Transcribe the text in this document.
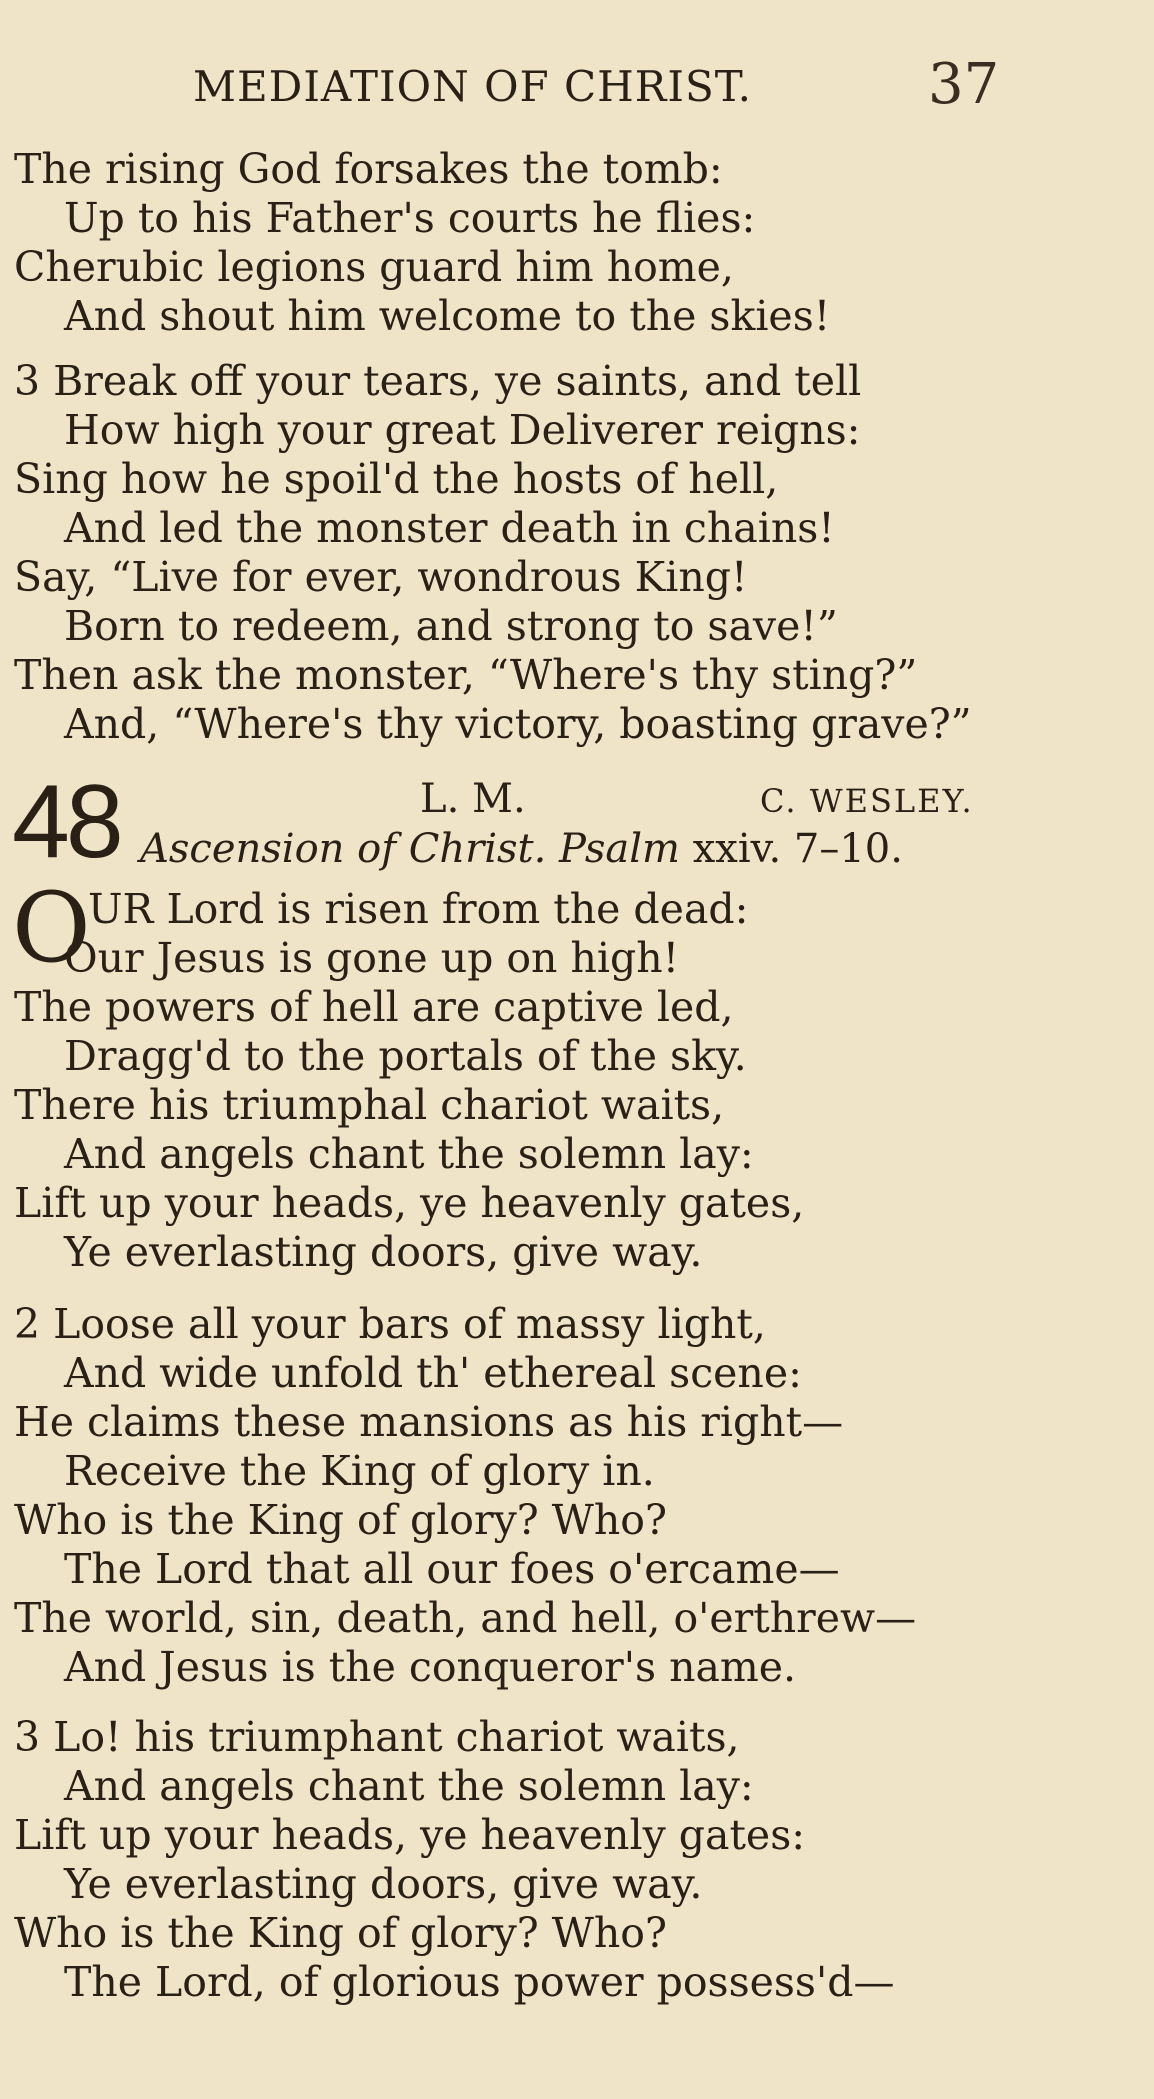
MEDIATION OF CHRIST.	37
The rising God forsakes the tomb:
Up to his Father's courts he flies:
Cherubic legions guard him home,
And shout him welcome to the skies!
3 Break off your tears, ye saints, and tell
How high your great Deliverer reigns:
Sing how he spoil'd the hosts of hell,
And led the monster death in chains!
Say, “Live for ever, wondrous King!
Born to redeem, and strong to save!”
Then ask the monster, “Where's thy sting?”
And, “Where's thy victory, boasting grave?”
48	L. M.	C. WESLEY.
Ascension of Christ. Psalm xxiv. 7–10.
O
UR Lord is risen from the dead:
Our Jesus is gone up on high!
The powers of hell are captive led,
Dragg'd to the portals of the sky.
There his triumphal chariot waits,
And angels chant the solemn lay:
Lift up your heads, ye heavenly gates,
Ye everlasting doors, give way.
2 Loose all your bars of massy light,
And wide unfold th' ethereal scene:
He claims these mansions as his right—
Receive the King of glory in.
Who is the King of glory? Who?
The Lord that all our foes o'ercame—
The world, sin, death, and hell, o'erthrew—
And Jesus is the conqueror's name.
3 Lo! his triumphant chariot waits,
And angels chant the solemn lay:
Lift up your heads, ye heavenly gates:
Ye everlasting doors, give way.
Who is the King of glory? Who?
The Lord, of glorious power possess'd—
